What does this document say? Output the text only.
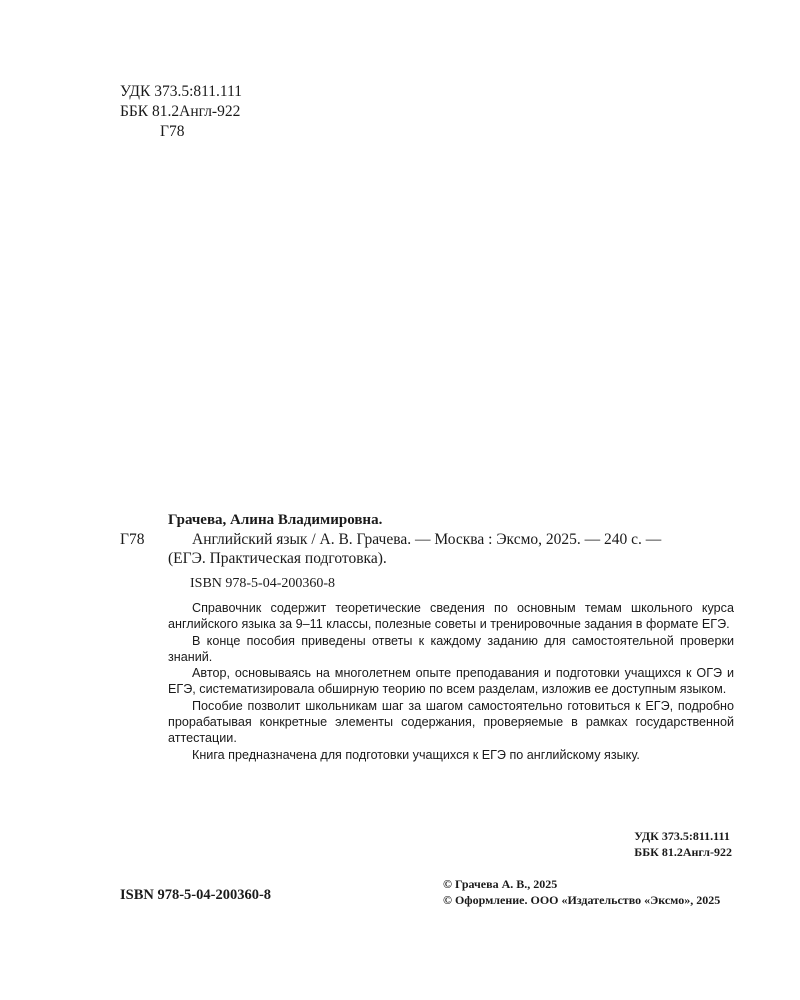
УДК 373.5:811.111
ББК 81.2Англ-922
Г78
Грачева, Алина Владимировна.
Г78	Английский язык / А. В. Грачева. — Москва : Эксмо, 2025. — 240 с. —
(ЕГЭ. Практическая подготовка).
ISBN 978-5-04-200360-8

Справочник содержит теоретические сведения по основным темам школьного курса английского языка за 9–11 классы, полезные советы и тренировочные задания в формате ЕГЭ.

В конце пособия приведены ответы к каждому заданию для самостоятельной проверки знаний.

Автор, основываясь на многолетнем опыте преподавания и подготовки учащихся к ОГЭ и ЕГЭ, систематизировала обширную теорию по всем разделам, изложив ее доступным языком.

Пособие позволит школьникам шаг за шагом самостоятельно готовиться к ЕГЭ, подробно прорабатывая конкретные элементы содержания, проверяемые в рамках государственной аттестации.

Книга предназначена для подготовки учащихся к ЕГЭ по английскому языку.

УДК 373.5:811.111
ББК 81.2Англ-922
ISBN 978-5-04-200360-8
© Грачева А. В., 2025
© Оформление. ООО «Издательство «Эксмо», 2025
